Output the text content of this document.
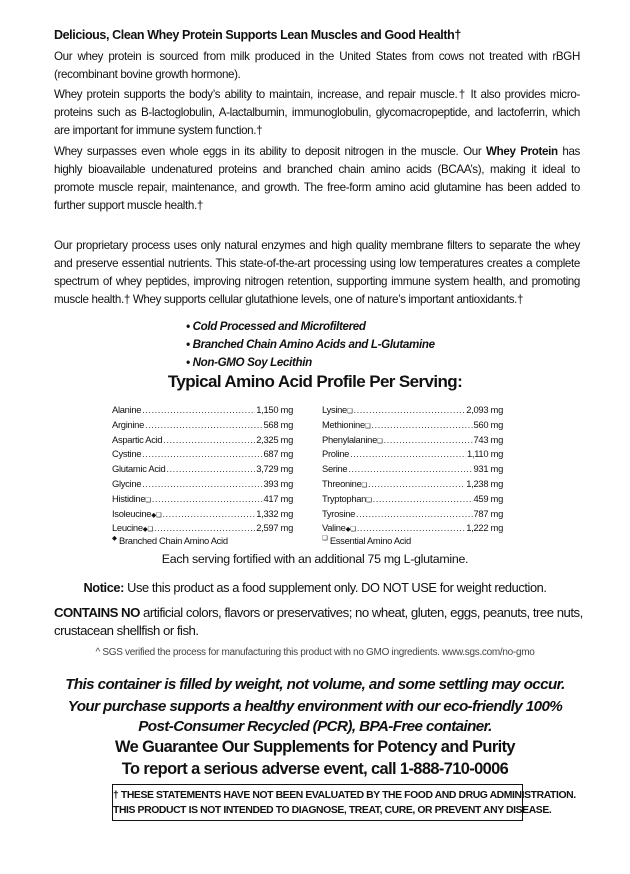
Delicious, Clean Whey Protein Supports Lean Muscles and Good Health†
Our whey protein is sourced from milk produced in the United States from cows not treated with rBGH (recombinant bovine growth hormone).
Whey protein supports the body’s ability to maintain, increase, and repair muscle.† It also provides micro-proteins such as B-lactoglobulin, A-lactalbumin, immunoglobulin, glycomacropeptide, and lactoferrin, which are important for immune system function.†
Whey surpasses even whole eggs in its ability to deposit nitrogen in the muscle. Our Whey Protein has highly bioavailable undenatured proteins and branched chain amino acids (BCAA’s), making it ideal to promote muscle repair, maintenance, and growth. The free-form amino acid glutamine has been added to further support muscle health.†
Our proprietary process uses only natural enzymes and high quality membrane filters to separate the whey and preserve essential nutrients. This state-of-the-art processing using low temperatures creates a complete spectrum of whey peptides, improving nitrogen retention, supporting immune system health, and promoting muscle health.† Whey supports cellular glutathione levels, one of nature’s important antioxidants.†
• Cold Processed and Microfiltered
• Branched Chain Amino Acids and L-Glutamine
• Non-GMO Soy Lecithin
Typical Amino Acid Profile Per Serving:
Alanine .....	1,150 mg
Arginine .....	568 mg
Aspartic Acid .....	2,325 mg
Cystine .....	687 mg
Glutamic Acid .....	3,729 mg
Glycine .....	393 mg
Histidine ❏ .....	417 mg
Isoleucine ◆❏ .....	1,332 mg
Leucine ◆❏ .....	2,597 mg
Lysine ❏ .....	2,093 mg
Methionine ❏ .....	560 mg
Phenylalanine ❏ .....	743 mg
Proline .....	1,110 mg
Serine .....	931 mg
Threonine ❏ .....	1,238 mg
Tryptophan ❏ .....	459 mg
Tyrosine .....	787 mg
Valine ◆❏ .....	1,222 mg
◆ Branched Chain Amino Acid	❏ Essential Amino Acid
Each serving fortified with an additional 75 mg L-glutamine.
Notice: Use this product as a food supplement only. DO NOT USE for weight reduction.
CONTAINS NO artificial colors, flavors or preservatives; no wheat, gluten, eggs, peanuts, tree nuts, crustacean shellfish or fish.
^ SGS verified the process for manufacturing this product with no GMO ingredients. www.sgs.com/no-gmo
This container is filled by weight, not volume, and some settling may occur.
Your purchase supports a healthy environment with our eco-friendly 100%
Post-Consumer Recycled (PCR), BPA-Free container.
We Guarantee Our Supplements for Potency and Purity
To report a serious adverse event, call 1-888-710-0006
† THESE STATEMENTS HAVE NOT BEEN EVALUATED BY THE FOOD AND DRUG ADMINISTRATION.
THIS PRODUCT IS NOT INTENDED TO DIAGNOSE, TREAT, CURE, OR PREVENT ANY DISEASE.
